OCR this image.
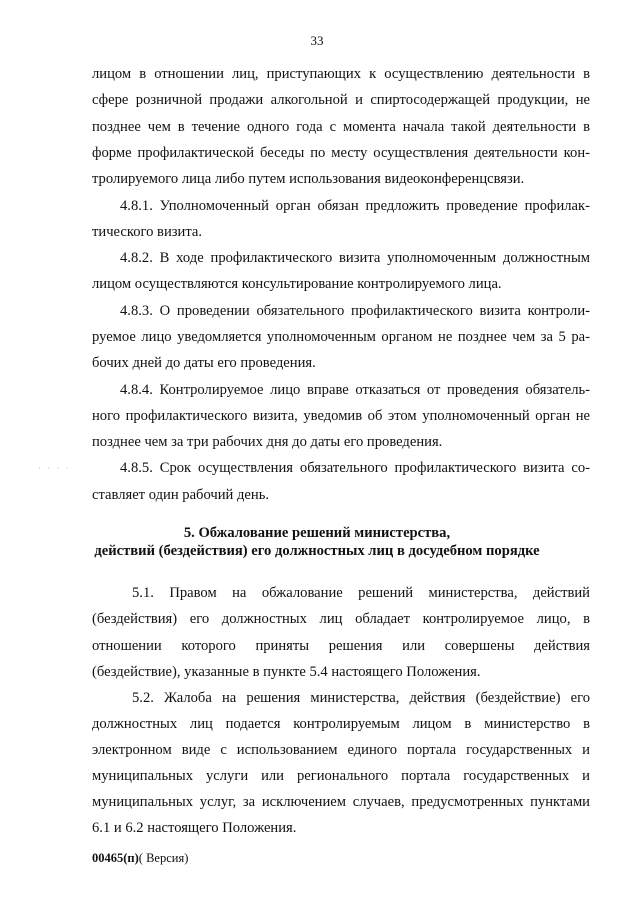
33
лицом в отношении лиц, приступающих к осуществлению деятельности в
сфере розничной продажи алкогольной и спиртосодержащей продукции, не
позднее чем в течение одного года с момента начала такой деятельности в
форме профилактической беседы по месту осуществления деятельности кон-
тролируемого лица либо путем использования видеоконференцсвязи.
4.8.1. Уполномоченный орган обязан предложить проведение профилак-
тического визита.
4.8.2. В ходе профилактического визита уполномоченным должностным
лицом осуществляются консультирование контролируемого лица.
4.8.3. О проведении обязательного профилактического визита контроли-
руемое лицо уведомляется уполномоченным органом не позднее чем за 5 ра-
бочих дней до даты его проведения.
4.8.4. Контролируемое лицо вправе отказаться от проведения обязатель-
ного профилактического визита, уведомив об этом уполномоченный орган не
позднее чем за три рабочих дня до даты его проведения.
4.8.5. Срок осуществления обязательного профилактического визита со-
ставляет один рабочий день.
5. Обжалование решений министерства,
действий (бездействия) его должностных лиц в досудебном порядке
5.1. Правом на обжалование решений министерства, действий
(бездействия) его должностных лиц обладает контролируемое лицо, в
отношении которого приняты решения или совершены действия
(бездействие), указанные в пункте 5.4 настоящего Положения.
5.2. Жалоба на решения министерства, действия (бездействие) его
должностных лиц подается контролируемым лицом в министерство в
электронном виде с использованием единого портала государственных и
муниципальных услуги или регионального портала государственных и
муниципальных услуг, за исключением случаев, предусмотренных пунктами
6.1 и 6.2 настоящего Положения.
· · · ·
00465(п)( Версия)
